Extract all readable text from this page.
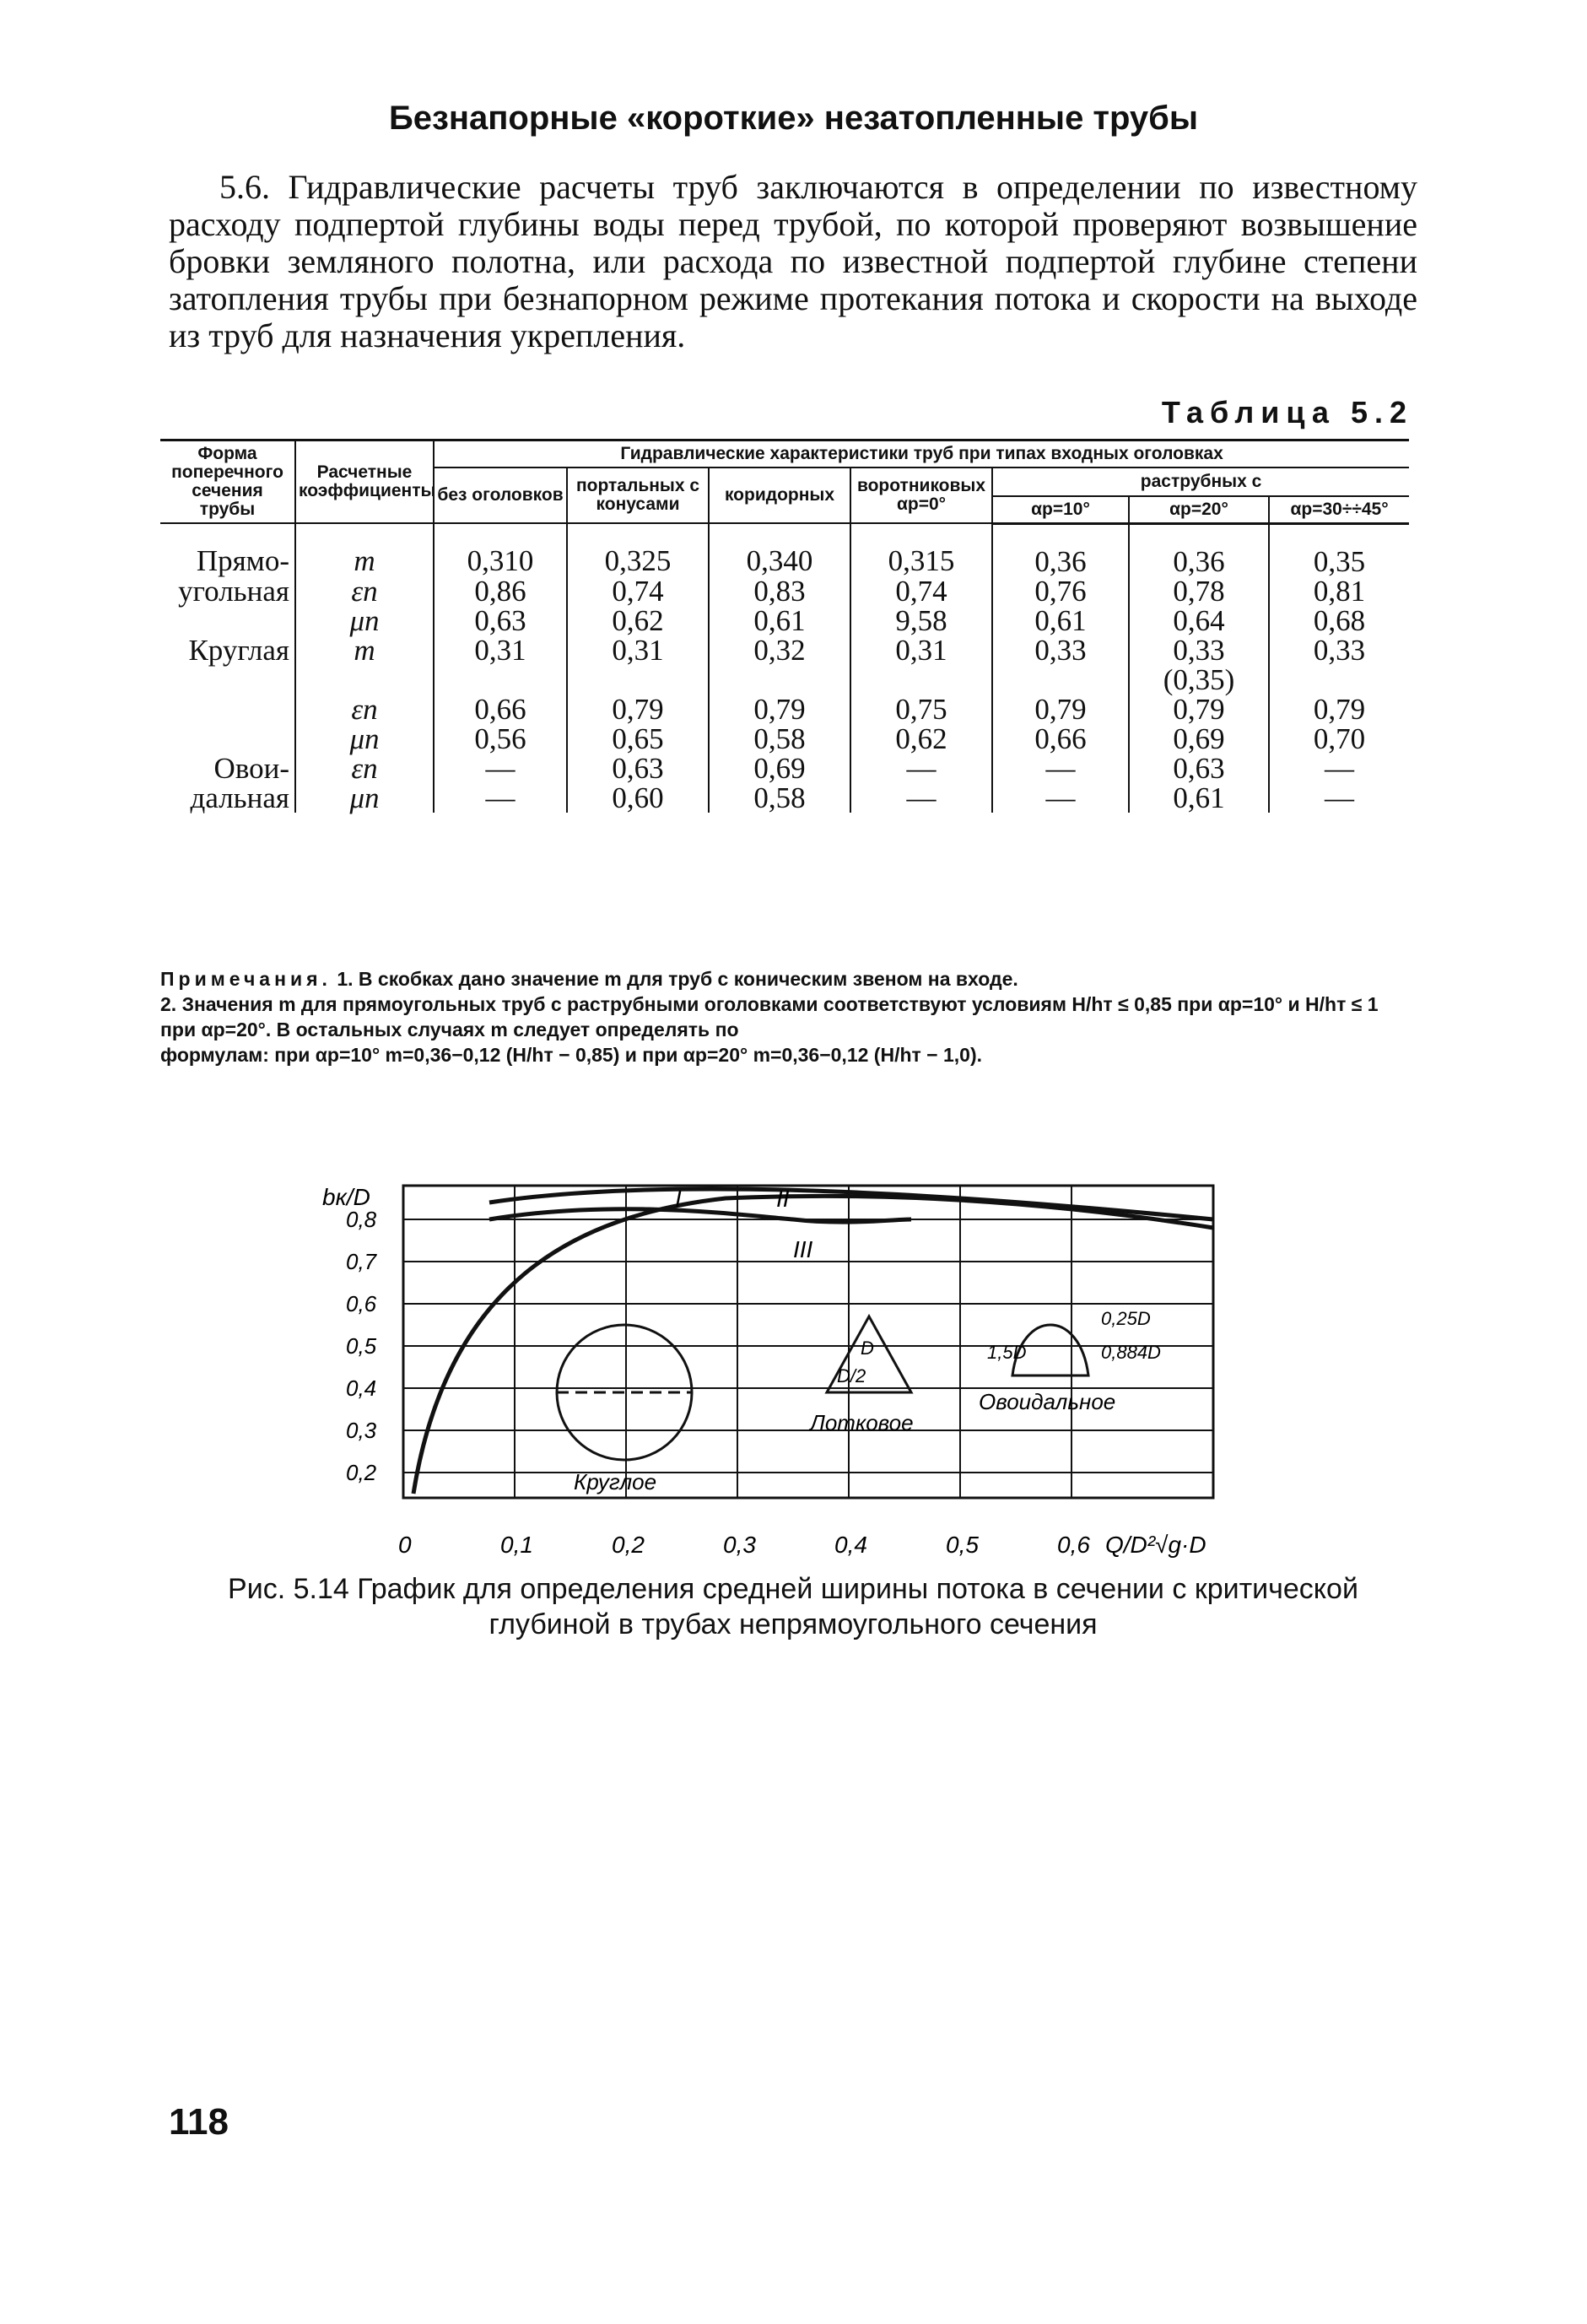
Безнапорные «короткие» незатопленные трубы
5.6. Гидравлические расчеты труб заключаются в определении по известному расходу подпертой глубины воды перед трубой, по которой проверяют возвышение бровки земляного полотна, или расхода по известной подпертой глубине степени затопления трубы при безнапорном режиме протекания потока и скорости на выходе из труб для назначения укрепления.
Таблица 5.2
Форма поперечного сечения трубы	Расчетные коэффициенты	Гидравлические характеристики труб при типах входных оголовках						
		без оголовков	портальных с конусами	коридорных	воротниковых αр=0°	раструбных с		
						αр=10°	αр=20°	αр=30÷÷45°
Прямо-	m	0,310	0,325	0,340	0,315	0,36	0,36	0,35
угольная	εп	0,86	0,74	0,83	0,74	0,76	0,78	0,81
	μп	0,63	0,62	0,61	9,58	0,61	0,64	0,68
Круглая	m	0,31	0,31	0,32	0,31	0,33	0,33	0,33
							(0,35)	
	εп	0,66	0,79	0,79	0,75	0,79	0,79	0,79
	μп	0,56	0,65	0,58	0,62	0,66	0,69	0,70
Овои-	εп	—	0,63	0,69	—	—	0,63	—
дальная	μп	—	0,60	0,58	—	—	0,61	—

Примечания. 1. В скобках дано значение m для труб с коническим звеном на входе.

2. Значения m для прямоугольных труб с раструбными оголовками соответствуют условиям H/hт ≤ 0,85 при αр=10° и H/hт ≤ 1 при αр=20°. В остальных случаях m следует определять по

формулам: при αр=10° m=0,36−0,12 (H/hт − 0,85) и при αр=20° m=0,36−0,12 (H/hт − 1,0).

bк/D
Q/D²√g·D
I	II
III
0	0,1	0,2	0,3	0,4	0,5	0,6
0,8
0,7
0,6
0,5
0,4
0,3
0,2	Круглое
Лотковое
Овоидальное
D
D/2
0,25D
1,5D	0,884D
Рис. 5.14 График для определения средней ширины потока в сечении с критической глубиной в трубах непрямоугольного сечения
118
